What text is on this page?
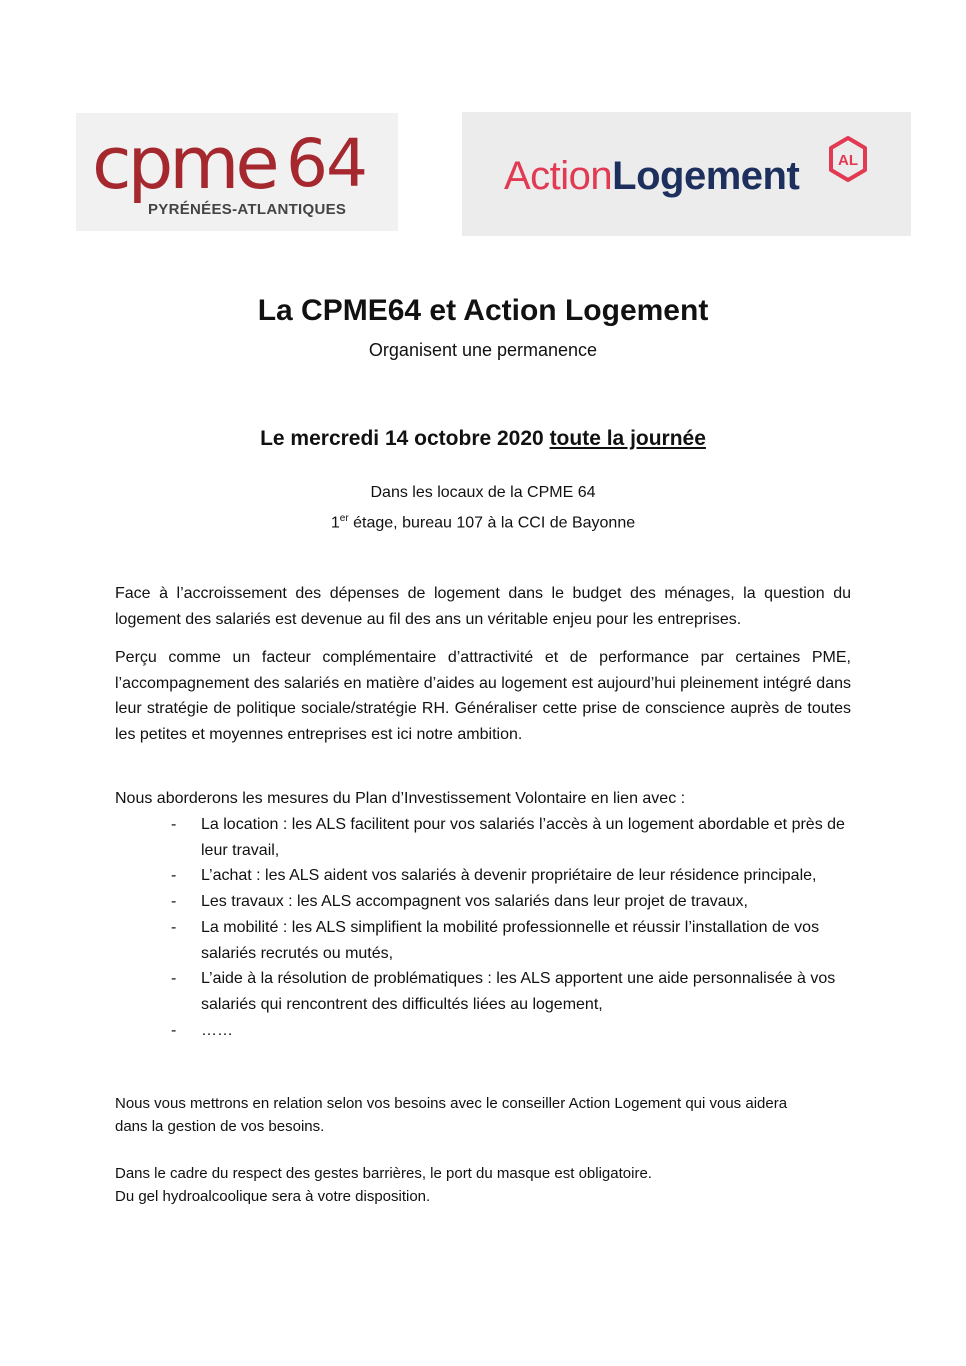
cpme 64
PYRÉNÉES-ATLANTIQUES
ActionLogement	AL
La CPME64 et Action Logement
Organisent une permanence
Le mercredi 14 octobre 2020 toute la journée
Dans les locaux de la CPME 64
1er étage, bureau 107 à la CCI de Bayonne
Face à l’accroissement des dépenses de logement dans le budget des ménages, la question du logement des salariés est devenue au fil des ans un véritable enjeu pour les entreprises.
Perçu comme un facteur complémentaire d’attractivité et de performance par certaines PME, l’accompagnement des salariés en matière d’aides au logement est aujourd’hui pleinement intégré dans leur stratégie de politique sociale/stratégie RH. Généraliser cette prise de conscience auprès de toutes les petites et moyennes entreprises est ici notre ambition.
Nous aborderons les mesures du Plan d’Investissement Volontaire en lien avec :
- La location : les ALS facilitent pour vos salariés l’accès à un logement abordable et près de leur travail,
- L’achat : les ALS aident vos salariés à devenir propriétaire de leur résidence principale,
- Les travaux : les ALS accompagnent vos salariés dans leur projet de travaux,
- La mobilité : les ALS simplifient la mobilité professionnelle et réussir l’installation de vos salariés recrutés ou mutés,
- L’aide à la résolution de problématiques : les ALS apportent une aide personnalisée à vos salariés qui rencontrent des difficultés liées au logement,
- ……
Nous vous mettrons en relation selon vos besoins avec le conseiller Action Logement qui vous aidera
dans la gestion de vos besoins.
Dans le cadre du respect des gestes barrières, le port du masque est obligatoire.
Du gel hydroalcoolique sera à votre disposition.
